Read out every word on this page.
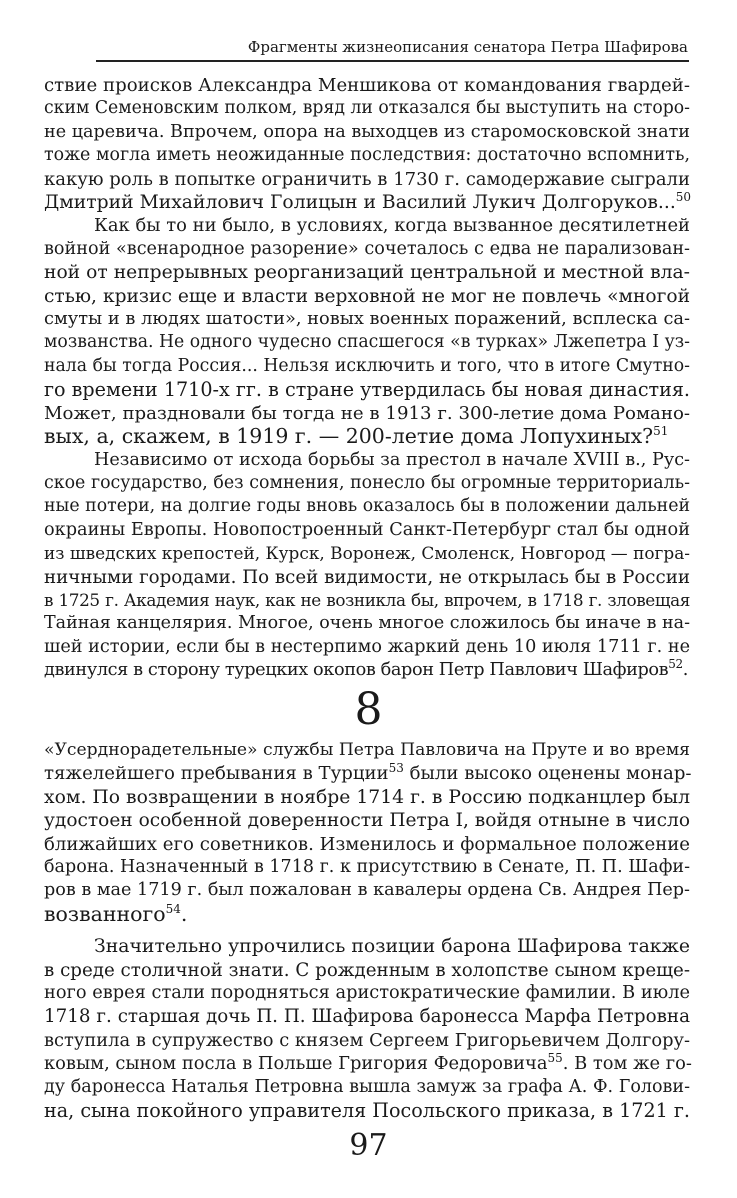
Фрагменты жизнеописания сенатора Петра Шафирова
ствие происков Александра Меншикова от командования гвардей-
ским Семеновским полком, вряд ли отказался бы выступить на сторо-
не царевича. Впрочем, опора на выходцев из старомосковской знати
тоже могла иметь неожиданные последствия: достаточно вспомнить,
какую роль в попытке ограничить в 1730 г. самодержавие сыграли
Дмитрий Михайлович Голицын и Василий Лукич Долгоруков...$^{50}$
Как бы то ни было, в условиях, когда вызванное десятилетней
войной «всенародное разорение» сочеталось с едва не парализован-
ной от непрерывных реорганизаций центральной и местной вла-
стью, кризис еще и власти верховной не мог не повлечь «многой
смуты и в людях шатости», новых военных поражений, всплеска са-
мозванства. Не одного чудесно спасшегося «в турках» Лжепетра I уз-
нала бы тогда Россия... Нельзя исключить и того, что в итоге Смутно-
го времени 1710-х гг. в стране утвердилась бы новая династия.
Может, праздновали бы тогда не в 1913 г. 300-летие дома Романо-
вых, а, скажем, в 1919 г. — 200-летие дома Лопухиных?$^{51}$
Независимо от исхода борьбы за престол в начале XVIII в., Рус-
ское государство, без сомнения, понесло бы огромные территориаль-
ные потери, на долгие годы вновь оказалось бы в положении дальней
окраины Европы. Новопостроенный Санкт-Петербург стал бы одной
из шведских крепостей, Курск, Воронеж, Смоленск, Новгород — погра-
ничными городами. По всей видимости, не открылась бы в России
в 1725 г. Академия наук, как не возникла бы, впрочем, в 1718 г. зловещая
Тайная канцелярия. Многое, очень многое сложилось бы иначе в на-
шей истории, если бы в нестерпимо жаркий день 10 июля 1711 г. не
двинулся в сторону турецких окопов барон Петр Павлович Шафиров$^{52}$.
8
«Усерднорадетельные» службы Петра Павловича на Пруте и во время
тяжелейшего пребывания в Турции$^{53}$ были высоко оценены монар-
хом. По возвращении в ноябре 1714 г. в Россию подканцлер был
удостоен особенной доверенности Петра I, войдя отныне в число
ближайших его советников. Изменилось и формальное положение
барона. Назначенный в 1718 г. к присутствию в Сенате, П. П. Шафи-
ров в мае 1719 г. был пожалован в кавалеры ордена Св. Андрея Пер-
возванного$^{54}$.
Значительно упрочились позиции барона Шафирова также
в среде столичной знати. С рожденным в холопстве сыном креще-
ного еврея стали породняться аристократические фамилии. В июле
1718 г. старшая дочь П. П. Шафирова баронесса Марфа Петровна
вступила в супружество с князем Сергеем Григорьевичем Долгору-
ковым, сыном посла в Польше Григория Федоровича$^{55}$. В том же го-
ду баронесса Наталья Петровна вышла замуж за графа А. Ф. Голови-
на, сына покойного управителя Посольского приказа, в 1721 г.
97
